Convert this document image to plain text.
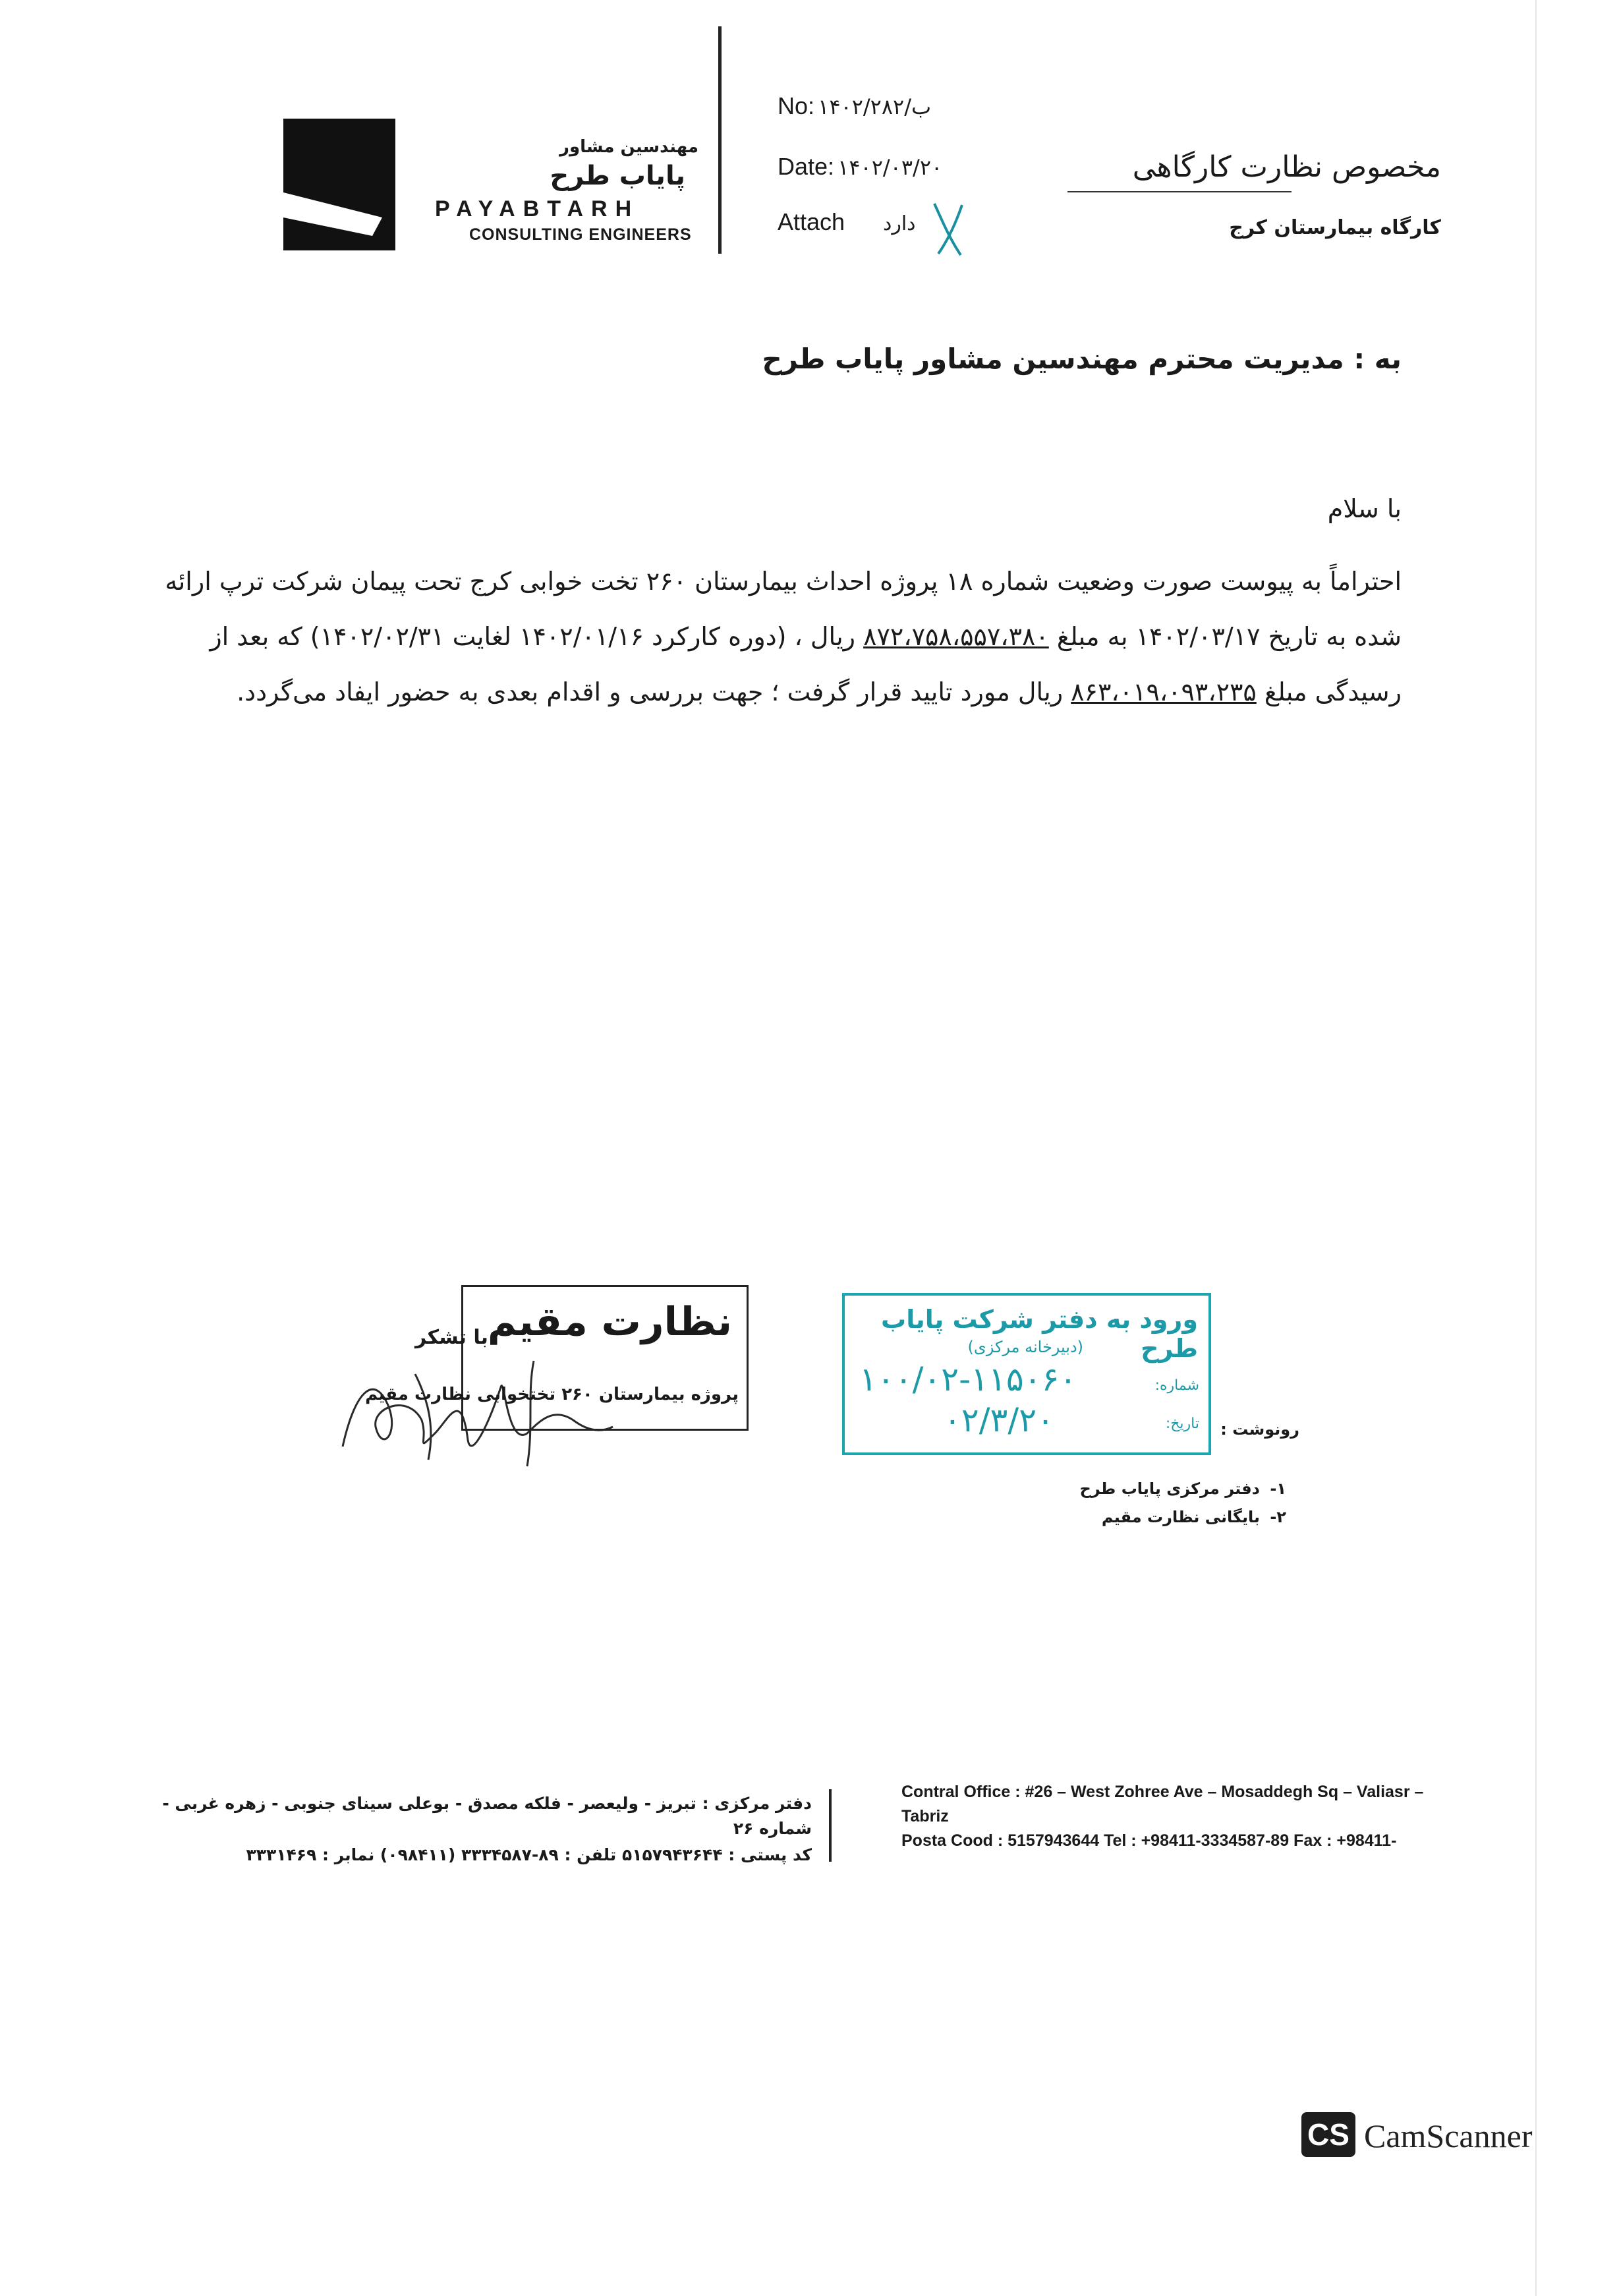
مهندسین مشاور
پایاب طرح
PAYABTARH
CONSULTING ENGINEERS
No: ۱۴۰۲/ب/۲۸۲
Date: ۱۴۰۲/۰۳/۲۰
Attach دارد
مخصوص نظارت کارگاهی
کارگاه بیمارستان کرج
به : مدیریت محترم مهندسین مشاور پایاب طرح
با سلام
احتراماً به پیوست صورت وضعیت شماره ۱۸ پروژه احداث بیمارستان ۲۶۰ تخت خوابی کرج تحت پیمان شرکت ترپ ارائه شده به تاریخ ۱۴۰۲/۰۳/۱۷ به مبلغ ۸۷۲،۷۵۸،۵۵۷،۳۸۰ ریال ، (دوره کارکرد ۱۴۰۲/۰۱/۱۶ لغایت ۱۴۰۲/۰۲/۳۱) که بعد از رسیدگی مبلغ ۸۶۳،۰۱۹،۰۹۳،۲۳۵ ریال مورد تایید قرار گرفت ؛ جهت بررسی و اقدام بعدی به حضور ایفاد می‌گردد.
نظارت مقیم
پروژه بیمارستان ۲۶۰ تختخوابی نظارت مقیم
با تشکر
ورود به دفتر شرکت پایاب طرح
(دبیرخانه مرکزی)
شماره:
۱۰۰/۰۲-۱۱۵۰۶۰
تاریخ:
۰۲/۳/۲۰	رونوشت :
۱-
دفتر مرکزی پایاب طرح
۲-
بایگانی نظارت مقیم
دفتر مرکزی : تبریز - ولیعصر - فلکه مصدق - بوعلی سینای جنوبی - زهره غربی -
شماره ۲۶
کد پستی : ۵۱۵۷۹۴۳۶۴۴ تلفن : ۸۹-۳۳۳۴۵۸۷ (۰۹۸۴۱۱) نمابر : ۳۳۳۱۴۶۹
Contral Office : #26 – West Zohree Ave – Mosaddegh Sq – Valiasr –
Tabriz
Posta Cood : 5157943644 Tel : +98411-3334587-89 Fax : +98411-
CS CamScanner
